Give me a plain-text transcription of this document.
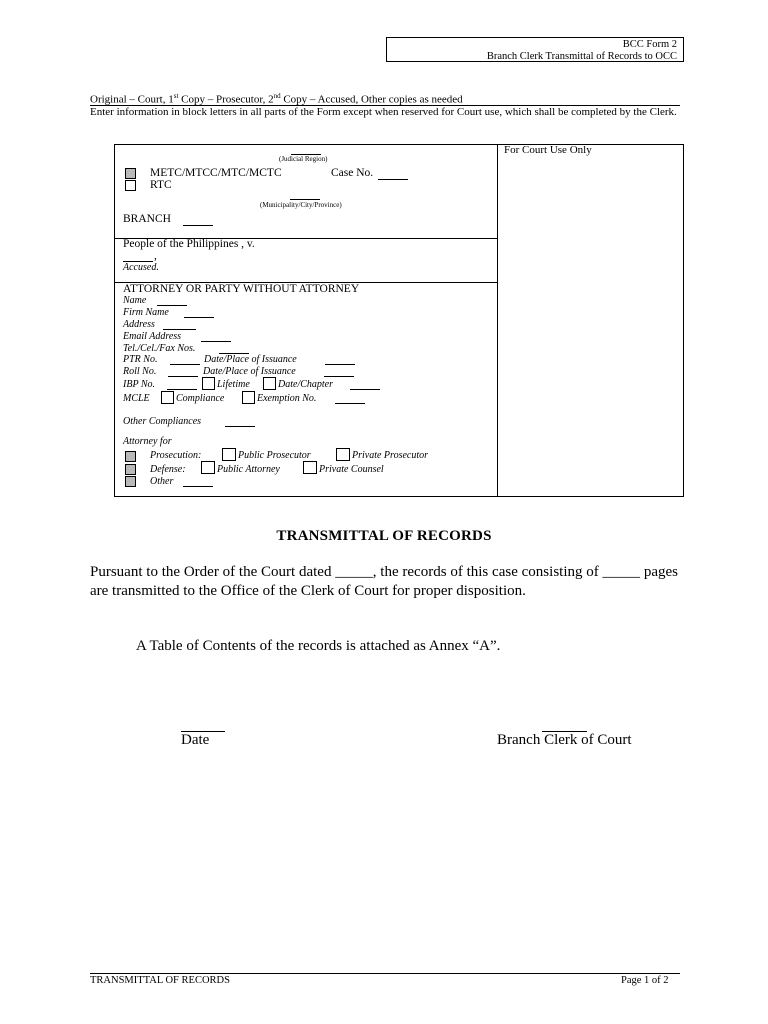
BCC Form 2
Branch Clerk Transmittal of Records to OCC
Original – Court, 1st Copy – Prosecutor, 2nd Copy – Accused, Other copies as needed
Enter information in block letters in all parts of the Form except when reserved for Court use, which shall be completed by the Clerk.
For Court Use Only
(Judicial Region)
METC/MTCC/MTC/MCTC	Case No.
RTC
(Municipality/City/Province)
BRANCH
People of the Philippines , v.
,
Accused.
ATTORNEY OR PARTY WITHOUT ATTORNEY
Name
Firm Name
Address
Email Address
Tel./Cel./Fax Nos.
PTR No.	Date/Place of Issuance
Roll No.	Date/Place of Issuance
IBP No.	Lifetime	Date/Chapter
MCLE	Compliance	Exemption No.
Other Compliances
Attorney for
Prosecution:	Public Prosecutor	Private Prosecutor
Defense:	Public Attorney	Private Counsel
Other
TRANSMITTAL OF RECORDS

Pursuant to the Order of the Court dated _____, the records of this case consisting of _____ pages are transmitted to the Office of the Clerk of Court for proper disposition.

A Table of Contents of the records is attached as Annex “A”.
Date	Branch Clerk of Court
TRANSMITTAL OF RECORDS	Page 1 of 2
